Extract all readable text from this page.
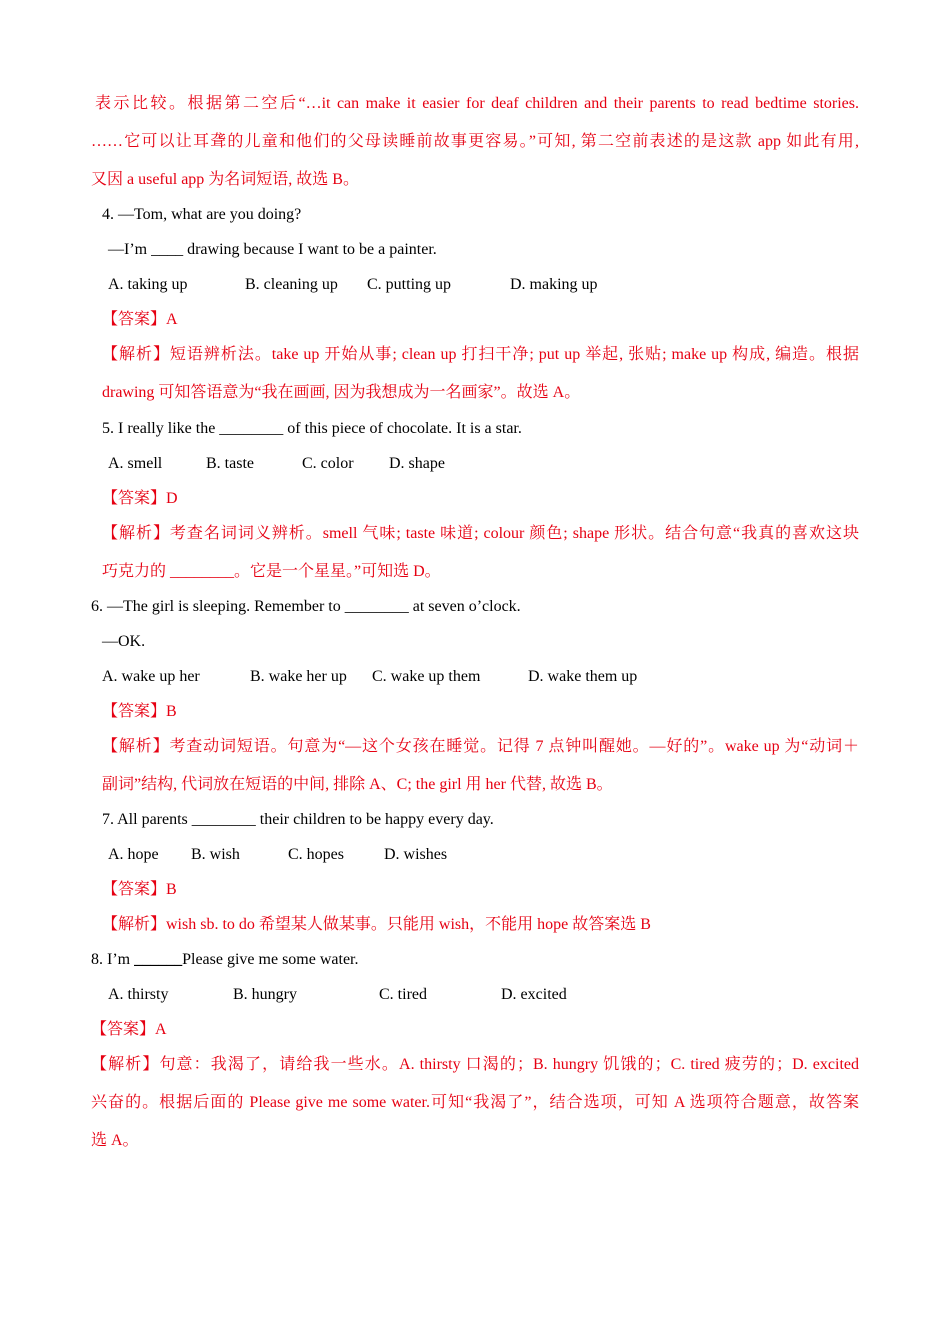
表示比较。根据第二空后“…it can make it easier for deaf children and their parents to read bedtime stories.
……它可以让耳聋的儿童和他们的父母读睡前故事更容易。”可知, 第二空前表述的是这款 app 如此有用,
又因 a useful app 为名词短语, 故选 B。
4. —Tom, what are you doing?
—I’m ____ drawing because I want to be a painter.
A. taking up	B. cleaning up C. putting up	D. making up
【答案】A
【解析】短语辨析法。take up 开始从事; clean up 打扫干净; put up 举起, 张贴; make up 构成, 编造。根据
drawing 可知答语意为“我在画画, 因为我想成为一名画家”。故选 A。
5. I really like the ________ of this piece of chocolate. It is a star.
A. smell	B. taste	C. color D. shape
【答案】D
【解析】考查名词词义辨析。smell 气味; taste 味道; colour 颜色; shape 形状。结合句意“我真的喜欢这块
巧克力的 ________。它是一个星星。”可知选 D。
6. —The girl is sleeping. Remember to ________ at seven o’clock.
—OK.
A. wake up her	B. wake her up C. wake up them	D. wake them up
【答案】B
【解析】考查动词短语。句意为“—这个女孩在睡觉。记得 7 点钟叫醒她。—好的”。wake up 为“动词＋
副词”结构, 代词放在短语的中间, 排除 A、C; the girl 用 her 代替, 故选 B。
7. All parents ________ their children to be happy every day.
A. hope B. wish	C. hopes	D. wishes
【答案】B
【解析】wish sb. to do 希望某人做某事。只能用 wish，不能用 hope 故答案选 B
8. I’m ______Please give me some water.
A. thirsty	B. hungry	C. tired	D. excited
【答案】A
【解析】句意：我渴了，请给我一些水。A. thirsty 口渴的；B. hungry 饥饿的；C. tired 疲劳的；D. excited
兴奋的。根据后面的 Please give me some water.可知“我渴了”，结合选项，可知 A 选项符合题意，故答案
选 A。
